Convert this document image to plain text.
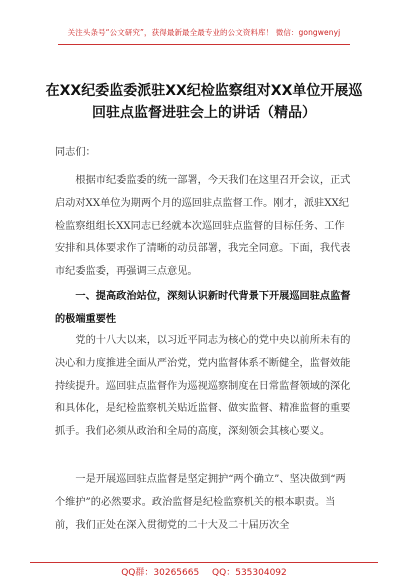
关注头条号“公文研究”，获得最新最全最专业的公文资料库！ 微信：gongwenyj
在XX纪委监委派驻XX纪检监察组对XX单位开展巡回驻点监督进驻会上的讲话（精品）
同志们：
根据市纪委监委的统一部署，今天我们在这里召开会议，正式启动对XX单位为期两个月的巡回驻点监督工作。刚才，派驻XX纪检监察组组长XX同志已经就本次巡回驻点监督的目标任务、工作安排和具体要求作了清晰的动员部署，我完全同意。下面，我代表市纪委监委，再强调三点意见。
一、提高政治站位，深刻认识新时代背景下开展巡回驻点监督的极端重要性
党的十八大以来，以习近平同志为核心的党中央以前所未有的决心和力度推进全面从严治党，党内监督体系不断健全，监督效能持续提升。巡回驻点监督作为巡视巡察制度在日常监督领域的深化和具体化，是纪检监察机关贴近监督、做实监督、精准监督的重要抓手。我们必须从政治和全局的高度，深刻领会其核心要义。
一是开展巡回驻点监督是坚定拥护“两个确立”、坚决做到“两个维护”的必然要求。政治监督是纪检监察机关的根本职责。当前，我们正处在深入贯彻党的二十大及二十届历次全
QQ群：30265665 QQ：535304092
